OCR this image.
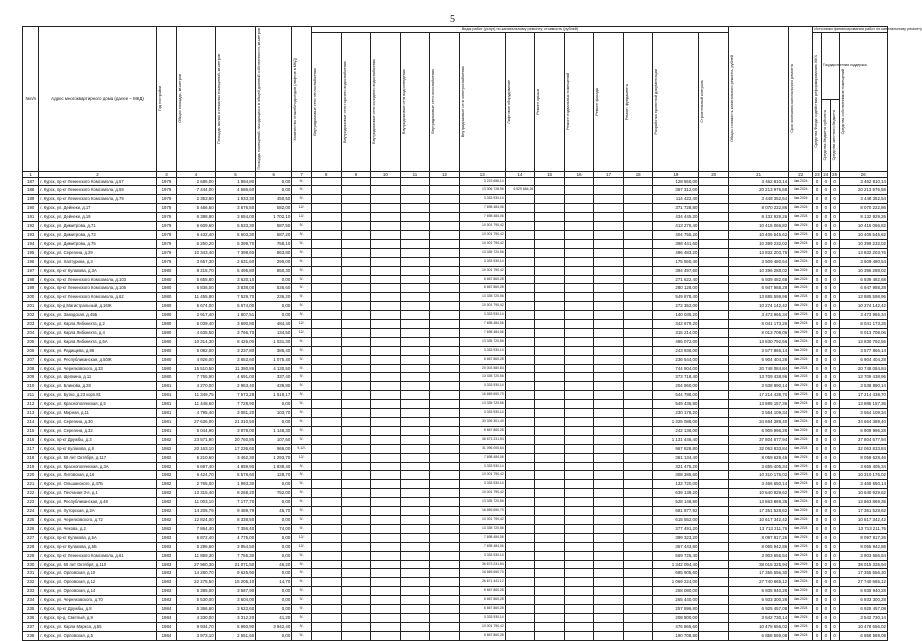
5
№п/п	Адрес многоквартирного дома (далее – МКД)	Год постройки	Общая площадь, кв.метров	Площадь жилых и нежилых помещений, кв.метров	Площадь помещений, находящихся в общей долевой собственности, кв.метров	Количество этажей/подъездов (лифтов в МКД)	Виды работ (услуг) по капитальному ремонту, стоимость (рублей)													Общая стоимость капитального ремонта, рублей	Срок окончания капитального ремонта	Источники финансирования работ по капитальному ремонту			

							Внутридомовые сети теплоснабжения	Внутридомовые сети горячего водоснабжения	Внутридомовые сети холодного водоснабжения	Внутридомовые сети водоотведения	Внутридомовые сети газоснабжения	Внутридомовые сети электроснабжения	Лифтовое оборудование	Ремонт крыши	Ремонт подвальных помещений	Ремонт фасада	Ремонт фундамента	Разработка проектной документации	Строительный контроль			Средства Фонда содействия реформированию ЖКХ	Государственная поддержка		Средства собственников помещений

																							Средства бюджета субъекта	Средства местного бюджета	

1	2	3	4	5	6	7	8	9	10	11	12	13	14	15	16	17	18	19	20	21	22	23	24	25	26
187	г. Курск, пр-кт Ленинского Комсомола, д.57	1979	2 685,00	1 994,80	0,00	9/-						3 223 656,14						128 550,00		3 462 810,14	4кв.2024	0	0	0	3 462 810,14
188	г. Курск, пр-кт Ленинского Комсомола, д.59	1979	7 444,00	4 586,60	0,00	9/-						13 306 728,96	6 529 684,26					357 312,00		20 213 976,58	4кв.2024	0	0	0	20 213 976,58
189	г. Курск, пр-кт Ленинского Комсомола, д.79	1979	2 353,80	1 933,30	450,50	9/-						3 333 930,14						114 422,40		3 448 352,54	4кв.2024	0	0	0	3 448 352,54
190	г. Курск, ул. Дейнеки, д.17	1979	5 466,60	3 676,50	582,00	12/-						7 698 484,06						371 728,80		8 070 222,86	4кв.2024	0	0	0	8 070 222,86
191	г. Курск, ул. Дейнеки, д.19	1979	6 388,80	3 654,00	1 702,10	12/-						7 698 484,06						434 445,20		8 132 929,26	4кв.2024	0	0	0	8 132 929,26
192	г. Курск, ул. Димитрова, д.71	1979	6 609,60	5 533,30	587,50	9/-						10 001 790,42						413 276,40		10 415 066,82	4кв.2024	0	0	0	10 415 066,82
193	г. Курск, ул. Димитрова, д.73	1979	6 432,40	5 603,30	687,20	9/-						10 001 790,42						404 755,20		10 406 545,62	4кв.2024	0	0	0	10 406 545,62
194	г. Курск, ул. Димитрова, д.75	1979	6 250,20	5 399,70	758,10	9/-						10 001 790,42						398 441,60		10 399 232,02	4кв.2024	0	0	0	10 399 232,02
195	г. Курск, ул. Серегина, д.29	1979	10 343,40	7 398,60	863,80	9/-						13 335 720,56						496 483,20		13 832 203,76	4кв.2024	0	0	0	13 832 203,76
196	г. Курск, ул. Халтурина, д.3	1979	3 657,30	2 631,60	290,00	9/-						3 333 930,14						175 550,40		3 509 480,54	4кв.2024	0	0	0	3 509 480,54
197	г. Курск, пр-кт Кулакова, д.3А	1980	8 215,70	5 495,80	850,30	9/-						10 001 790,42						394 497,60		10 396 288,02	4кв.2024	0	0	0	10 396 288,02
198	г. Курск, пр-кт Ленинского Комсомола, д.103	1980	5 655,80	3 620,10	0,00	9/-						6 667 860,28						271 622,40		6 939 482,68	4кв.2024	0	0	0	6 939 482,68
199	г. Курск, пр-кт Ленинского Комсомола, д.105	1980	5 836,00	3 838,00	536,60	9/-						6 667 860,28						280 128,00		6 947 988,28	4кв.2024	0	0	0	6 947 988,28
200	г. Курск, пр-кт Ленинского Комсомола, д.62	1980	11 455,80	7 529,70	236,20	9/-						13 335 720,56						549 878,40		13 885 598,96	4кв.2024	0	0	0	13 885 598,96
201	г. Курск, пр-д Магистральный, д.16Ж	1980	5 674,00	5 674,00	0,00	9/-						10 001 790,42						272 352,00		10 274 142,42	4кв.2024	0	0	0	10 274 142,42
202	г. Курск, ул. Заводская, д.45Б	1980	2 917,40	1 807,51	0,00	9/-						3 333 930,14						140 035,20		3 473 965,34	4кв.2024	0	0	0	3 473 965,34
203	г. Курск, ул. Карла Либкнехта, д.2	1980	5 039,40	3 690,80	484,40	12/-						7 698 484,06						342 679,20		8 041 173,26	4кв.2024	0	0	0	8 041 173,26
204	г. Курск, ул. Карла Либкнехта, д.4	1980	4 635,50	3 766,70	134,50	12/-						7 698 484,06						315 214,00		8 013 708,06	4кв.2024	0	0	0	8 013 708,06
205	г. Курск, ул. Карла Либкнехта, д.6А	1980	10 314,30	8 426,00	1 031,30	9/-						13 335 720,56						495 072,00		13 830 792,56	4кв.2024	0	0	0	13 830 792,56
206	г. Курск, ул. Радищева, д.86	1980	5 082,00	3 237,80	385,40	9/-						3 333 930,14						243 936,00		3 577 866,14	4кв.2024	0	0	0	3 577 866,14
207	г. Курск, ул. Республиканская, д.50Ж	1980	4 926,00	3 652,60	1 075,40	9/-						6 667 860,28						236 544,00		6 904 404,28	4кв.2024	0	0	0	6 904 404,28
208	г. Курск, ул. Черняховского, д.33	1980	15 510,50	11 380,86	4 130,50	9/-						20 003 580,84						744 504,00		20 748 084,84	4кв.2024	0	0	0	20 748 084,84
209	г. Курск, ул. Щепкина, д.11	1980	7 765,90	4 691,00	337,40	9/-						13 335 720,56						373 718,40		13 709 438,96	4кв.2024	0	0	0	13 709 438,96
210	г. Курск, ул. Блинова, д.28	1981	4 270,00	2 953,40	439,80	9/-						3 333 930,14						204 960,00		3 538 890,14	4кв.2024	0	0	0	3 538 890,14
211	г. Курск, ул. Бутко, д.23 корп.81	1981	11 349,75	7 573,28	1 518,17	9/-						16 669 650,70						544 788,00		17 214 438,70	4кв.2024	0	0	0	17 214 438,70
212	г. Курск, ул. Краснополянская, д.5	1981	11 448,60	7 728,90	0,00	9/-						13 335 720,56						549 436,80		13 885 157,36	4кв.2024	0	0	0	13 885 157,36
213	г. Курск, ул. Мирная, д.11	1981	4 795,40	3 081,20	103,70	9/-						3 333 930,14						230 178,20		3 564 109,34	4кв.2024	0	0	0	3 564 109,34
214	г. Курск, ул. Серегина, д.30	1981	27 636,00	21 310,50	0,00	9/-						33 339 301,40						1 325 088,00		34 664 389,40	4кв.2024	0	0	0	34 664 389,40
215	г. Курск, ул. Серегина, д.32	1981	5 044,90	3 878,00	1 148,30	9/-						6 667 860,28						242 136,00		6 909 996,28	4кв.2024	0	0	0	6 909 996,28
216	г. Курск, пр-кт Дружбы, д.3	1982	23 571,90	20 760,85	107,60	9/-						36 673 231,54						1 131 446,40		37 804 677,94	4кв.2024	0	0	0	37 804 677,94
217	г. Курск, пр-кт Кулакова, д.9	1982	20 163,10	17 236,60	966,00	9,12/-						31 096 005,64						967 828,80		32 063 833,84	4кв.2024	0	0	0	32 063 833,84
218	г. Курск, ул. 50 лет Октября, д.117	1982	5 210,60	3 462,30	1 293,70	12/-						7 698 484,06						361 134,40		8 059 628,46	4кв.2024	0	0	0	8 059 628,46
219	г. Курск, ул. Краснополянская, д.3А	1982	6 697,40	4 859,90	1 838,40	9/-						3 333 930,14						321 475,20		3 655 405,34	4кв.2024	0	0	0	3 655 405,34
220	г. Курск, ул. Литовская, д.16	1982	6 424,70	5 578,60	128,70	9/-						10 001 790,42						308 385,60		10 310 176,02	4кв.2024	0	0	0	10 310 176,02
221	г. Курск, ул. Ольшанского, д.47Б	1982	2 765,00	1 993,30	0,00	9/-						3 333 930,14						132 720,00		3 466 650,14	4кв.2024	0	0	0	3 466 650,14
222	г. Курск, ул. Песчаная 3-я, д.1	1982	13 315,40	8 268,20	752,00	9/-						10 001 790,42						639 139,20		10 640 929,62	4кв.2024	0	0	0	10 640 929,62
223	г. Курск, ул. Республиканская, д.48	1982	11 003,10	7 177,70	0,00	9/-						13 335 720,56						528 148,80		13 863 869,36	4кв.2024	0	0	0	13 863 869,36
224	г. Курск, ул. Хуторская, д.2А	1982	14 205,79	9 489,79	45,70	9/-						16 669 650,70						681 877,92		17 351 528,62	4кв.2024	0	0	0	17 351 528,62
225	г. Курск, ул. Черняховского, д.72	1982	12 824,00	8 338,50	0,00	9/-						10 001 790,42						615 552,00		10 617 342,42	4кв.2024	0	0	0	10 617 342,42
226	г. Курск, ул. Чехова, д.2	1982	7 864,40	7 356,40	74,00	9/-						13 335 720,56						377 491,20		13 713 211,76	4кв.2024	0	0	0	13 713 211,76
227	г. Курск, пр-кт Кулакова, д.5А	1983	5 872,40	4 775,00	0,00	12/-						7 698 484,06						399 323,20		8 097 817,26	4кв.2024	0	0	0	8 097 817,26
228	г. Курск, пр-кт Кулакова, д.5Б	1983	5 296,60	3 954,50	0,00	12/-						7 698 484,06						357 443,80		8 055 942,86	4кв.2024	0	0	0	8 055 942,86
229	г. Курск, пр-кт Ленинского Комсомола, д.61	1983	11 869,30	7 755,30	0,00	9/-						3 333 930,14						569 726,40		3 903 656,54	4кв.2024	0	0	0	3 903 656,54
230	г. Курск, ул. 50 лет Октября, д.110	1983	27 960,30	21 071,50	46,20	9/-						36 673 231,54						1 342 094,40		38 015 325,94	4кв.2024	0	0	0	38 015 325,94
231	г. Курск, ул. Орловская, д.10	1983	14 280,70	9 625,90	0,00	9/-						16 669 650,70						685 905,60		17 355 556,30	4кв.2024	0	0	0	17 355 556,30
232	г. Курск, ул. Орловская, д.12	1983	22 275,50	15 205,10	14,70	9/-						26 671 441,12						1 069 224,00		27 740 665,12	4кв.2024	0	0	0	27 740 665,12
233	г. Курск, ул. Орловская, д.14	1983	5 385,00	3 567,90	0,00	9/-						6 667 860,28						258 080,00		6 935 940,28	4кв.2024	0	0	0	6 935 940,28
234	г. Курск, ул. Черняховского, д.70	1983	5 530,00	3 604,00	0,00	9/-						6 667 860,28						265 440,00		6 933 300,28	4кв.2024	0	0	0	6 933 300,28
235	г. Курск, пр-кт Дружбы, д.8	1984	5 366,60	3 622,60	0,00	9/-						6 667 860,28						257 596,80		6 925 457,08	4кв.2024	0	0	0	6 925 457,08
236	г. Курск, пр-д. Светлый, д.9	1984	4 330,00	3 312,20	41,20	9/-						3 333 930,14						208 800,00		3 542 730,14	4кв.2024	0	0	0	3 542 730,14
237	г. Курск, ул. Карла Маркса, д.55	1984	9 934,70	5 960,90	3 942,40	9/-						10 001 790,42						476 865,60		10 478 656,02	4кв.2024	0	0	0	10 478 656,02
238	г. Курск, ул. Орловская, д.5	1984	3 973,10	2 551,60	0,00	9/-						6 667 860,28						190 708,80		6 858 569,08	4кв.2024	0	0	0	6 858 569,08
